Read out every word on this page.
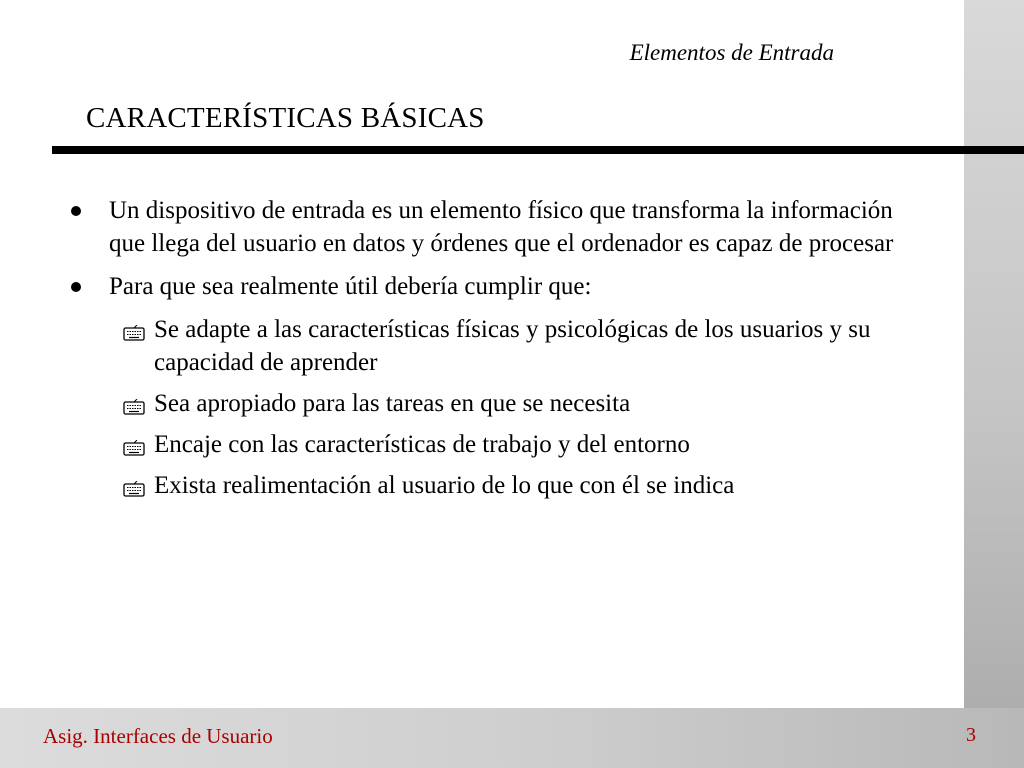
Elementos de Entrada
CARACTERÍSTICAS BÁSICAS
Un dispositivo de entrada es un elemento físico que transforma la información que llega del usuario en datos y órdenes que el ordenador es capaz de procesar
Para que sea realmente útil debería cumplir que:
Se adapte a las características físicas y psicológicas de los usuarios y su capacidad de aprender
Sea apropiado para las tareas en que se necesita
Encaje con las características de trabajo y del entorno
Exista realimentación al usuario de lo que con él se indica
Asig. Interfaces de Usuario	3
